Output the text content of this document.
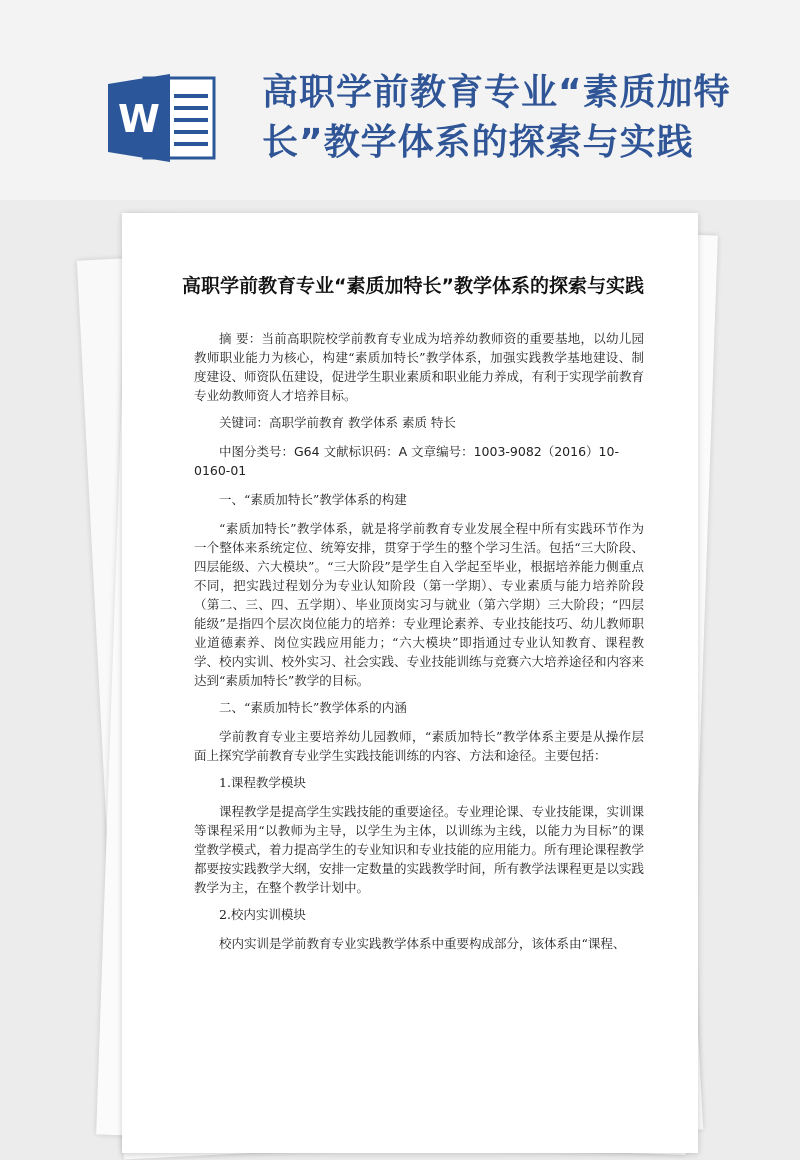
W
高职学前教育专业“素质加特
长”教学体系的探索与实践
高职学前教育专业“素质加特长”教学体系的探索与实践

摘 要：当前高职院校学前教育专业成为培养幼教师资的重要基地，以幼儿园教师职业能力为核心，构建“素质加特长”教学体系，加强实践教学基地建设、制度建设、师资队伍建设，促进学生职业素质和职业能力养成，有利于实现学前教育专业幼教师资人才培养目标。

关键词：高职学前教育 教学体系 素质 特长

中图分类号：G64 文献标识码：A 文章编号：1003-9082（2016）10-0160-01

一、“素质加特长”教学体系的构建

“素质加特长”教学体系，就是将学前教育专业发展全程中所有实践环节作为一个整体来系统定位、统筹安排，贯穿于学生的整个学习生活。包括“三大阶段、四层能级、六大模块”。“三大阶段”是学生自入学起至毕业，根据培养能力侧重点不同，把实践过程划分为专业认知阶段（第一学期）、专业素质与能力培养阶段（第二、三、四、五学期）、毕业顶岗实习与就业（第六学期）三大阶段；“四层能级”是指四个层次岗位能力的培养：专业理论素养、专业技能技巧、幼儿教师职业道德素养、岗位实践应用能力；“六大模块”即指通过专业认知教育、课程教学、校内实训、校外实习、社会实践、专业技能训练与竞赛六大培养途径和内容来达到“素质加特长”教学的目标。

二、“素质加特长”教学体系的内涵

学前教育专业主要培养幼儿园教师，“素质加特长”教学体系主要是从操作层面上探究学前教育专业学生实践技能训练的内容、方法和途径。主要包括：

1.课程教学模块

课程教学是提高学生实践技能的重要途径。专业理论课、专业技能课，实训课等课程采用“以教师为主导，以学生为主体，以训练为主线，以能力为目标”的课堂教学模式，着力提高学生的专业知识和专业技能的应用能力。所有理论课程教学都要按实践教学大纲，安排一定数量的实践教学时间，所有教学法课程更是以实践教学为主，在整个教学计划中。

2.校内实训模块

校内实训是学前教育专业实践教学体系中重要构成部分，该体系由“课程、
